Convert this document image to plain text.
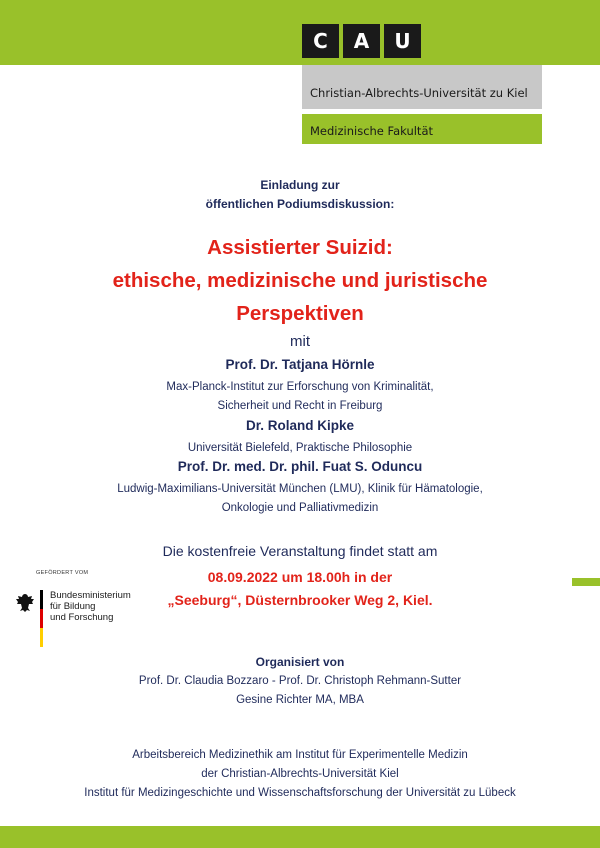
C	A	U
Christian-Albrechts-Universität zu Kiel
Medizinische Fakultät
Einladung zur
öffentlichen Podiumsdiskussion:
Assistierter Suizid:
ethische, medizinische und juristische
Perspektiven
mit
Prof. Dr. Tatjana Hörnle
Max-Planck-Institut zur Erforschung von Kriminalität,
Sicherheit und Recht in Freiburg
Dr. Roland Kipke
Universität Bielefeld, Praktische Philosophie
Prof. Dr. med. Dr. phil. Fuat S. Oduncu
Ludwig-Maximilians-Universität München (LMU), Klinik für Hämatologie,
Onkologie und Palliativmedizin
Die kostenfreie Veranstaltung findet statt am
08.09.2022 um 18.00h in der
„Seeburg“, Düsternbrooker Weg 2, Kiel.
GEFÖRDERT VOM
Bundesministerium
für Bildung
und Forschung
Organisiert von
Prof. Dr. Claudia Bozzaro - Prof. Dr. Christoph Rehmann-Sutter
Gesine Richter MA, MBA
Arbeitsbereich Medizinethik am Institut für Experimentelle Medizin
der Christian-Albrechts-Universität Kiel
Institut für Medizingeschichte und Wissenschaftsforschung der Universität zu Lübeck
